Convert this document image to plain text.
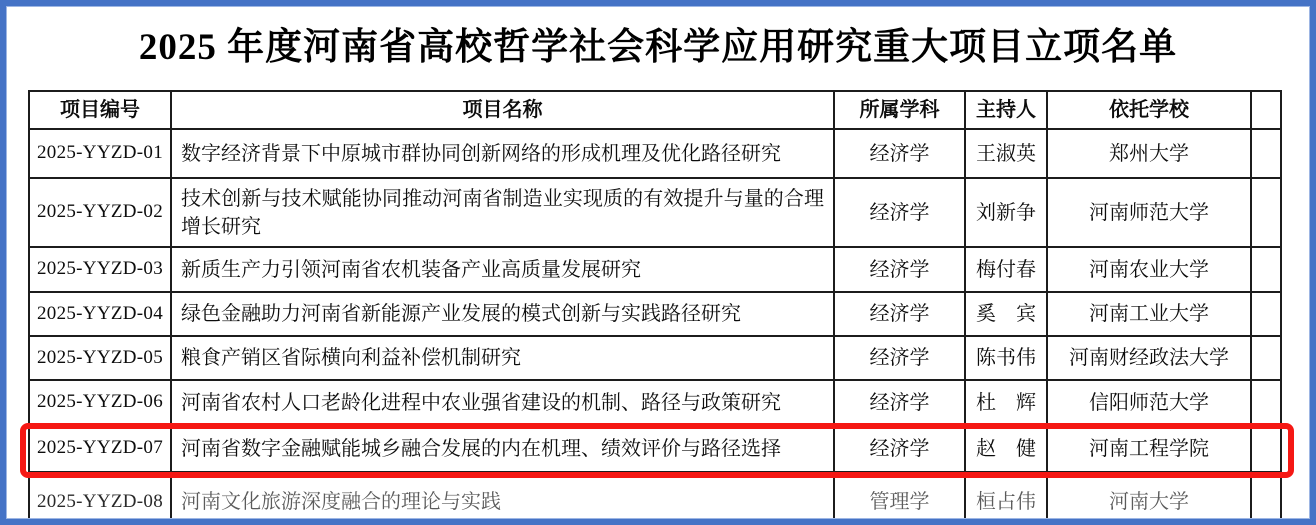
2025 年度河南省高校哲学社会科学应用研究重大项目立项名单
项目编号	项目名称	所属学科	主持人	依托学校	
2025-YYZD-01	数字经济背景下中原城市群协同创新网络的形成机理及优化路径研究	经济学	王淑英	郑州大学	
2025-YYZD-02	技术创新与技术赋能协同推动河南省制造业实现质的有效提升与量的合理增长研究	经济学	刘新争	河南师范大学	
2025-YYZD-03	新质生产力引领河南省农机装备产业高质量发展研究	经济学	梅付春	河南农业大学	
2025-YYZD-04	绿色金融助力河南省新能源产业发展的模式创新与实践路径研究	经济学	奚　宾	河南工业大学	
2025-YYZD-05	粮食产销区省际横向利益补偿机制研究	经济学	陈书伟	河南财经政法大学	
2025-YYZD-06	河南省农村人口老龄化进程中农业强省建设的机制、路径与政策研究	经济学	杜　辉	信阳师范大学	
2025-YYZD-07	河南省数字金融赋能城乡融合发展的内在机理、绩效评价与路径选择	经济学	赵　健	河南工程学院	
2025-YYZD-08	河南文化旅游深度融合的理论与实践	管理学	桓占伟	河南大学	
